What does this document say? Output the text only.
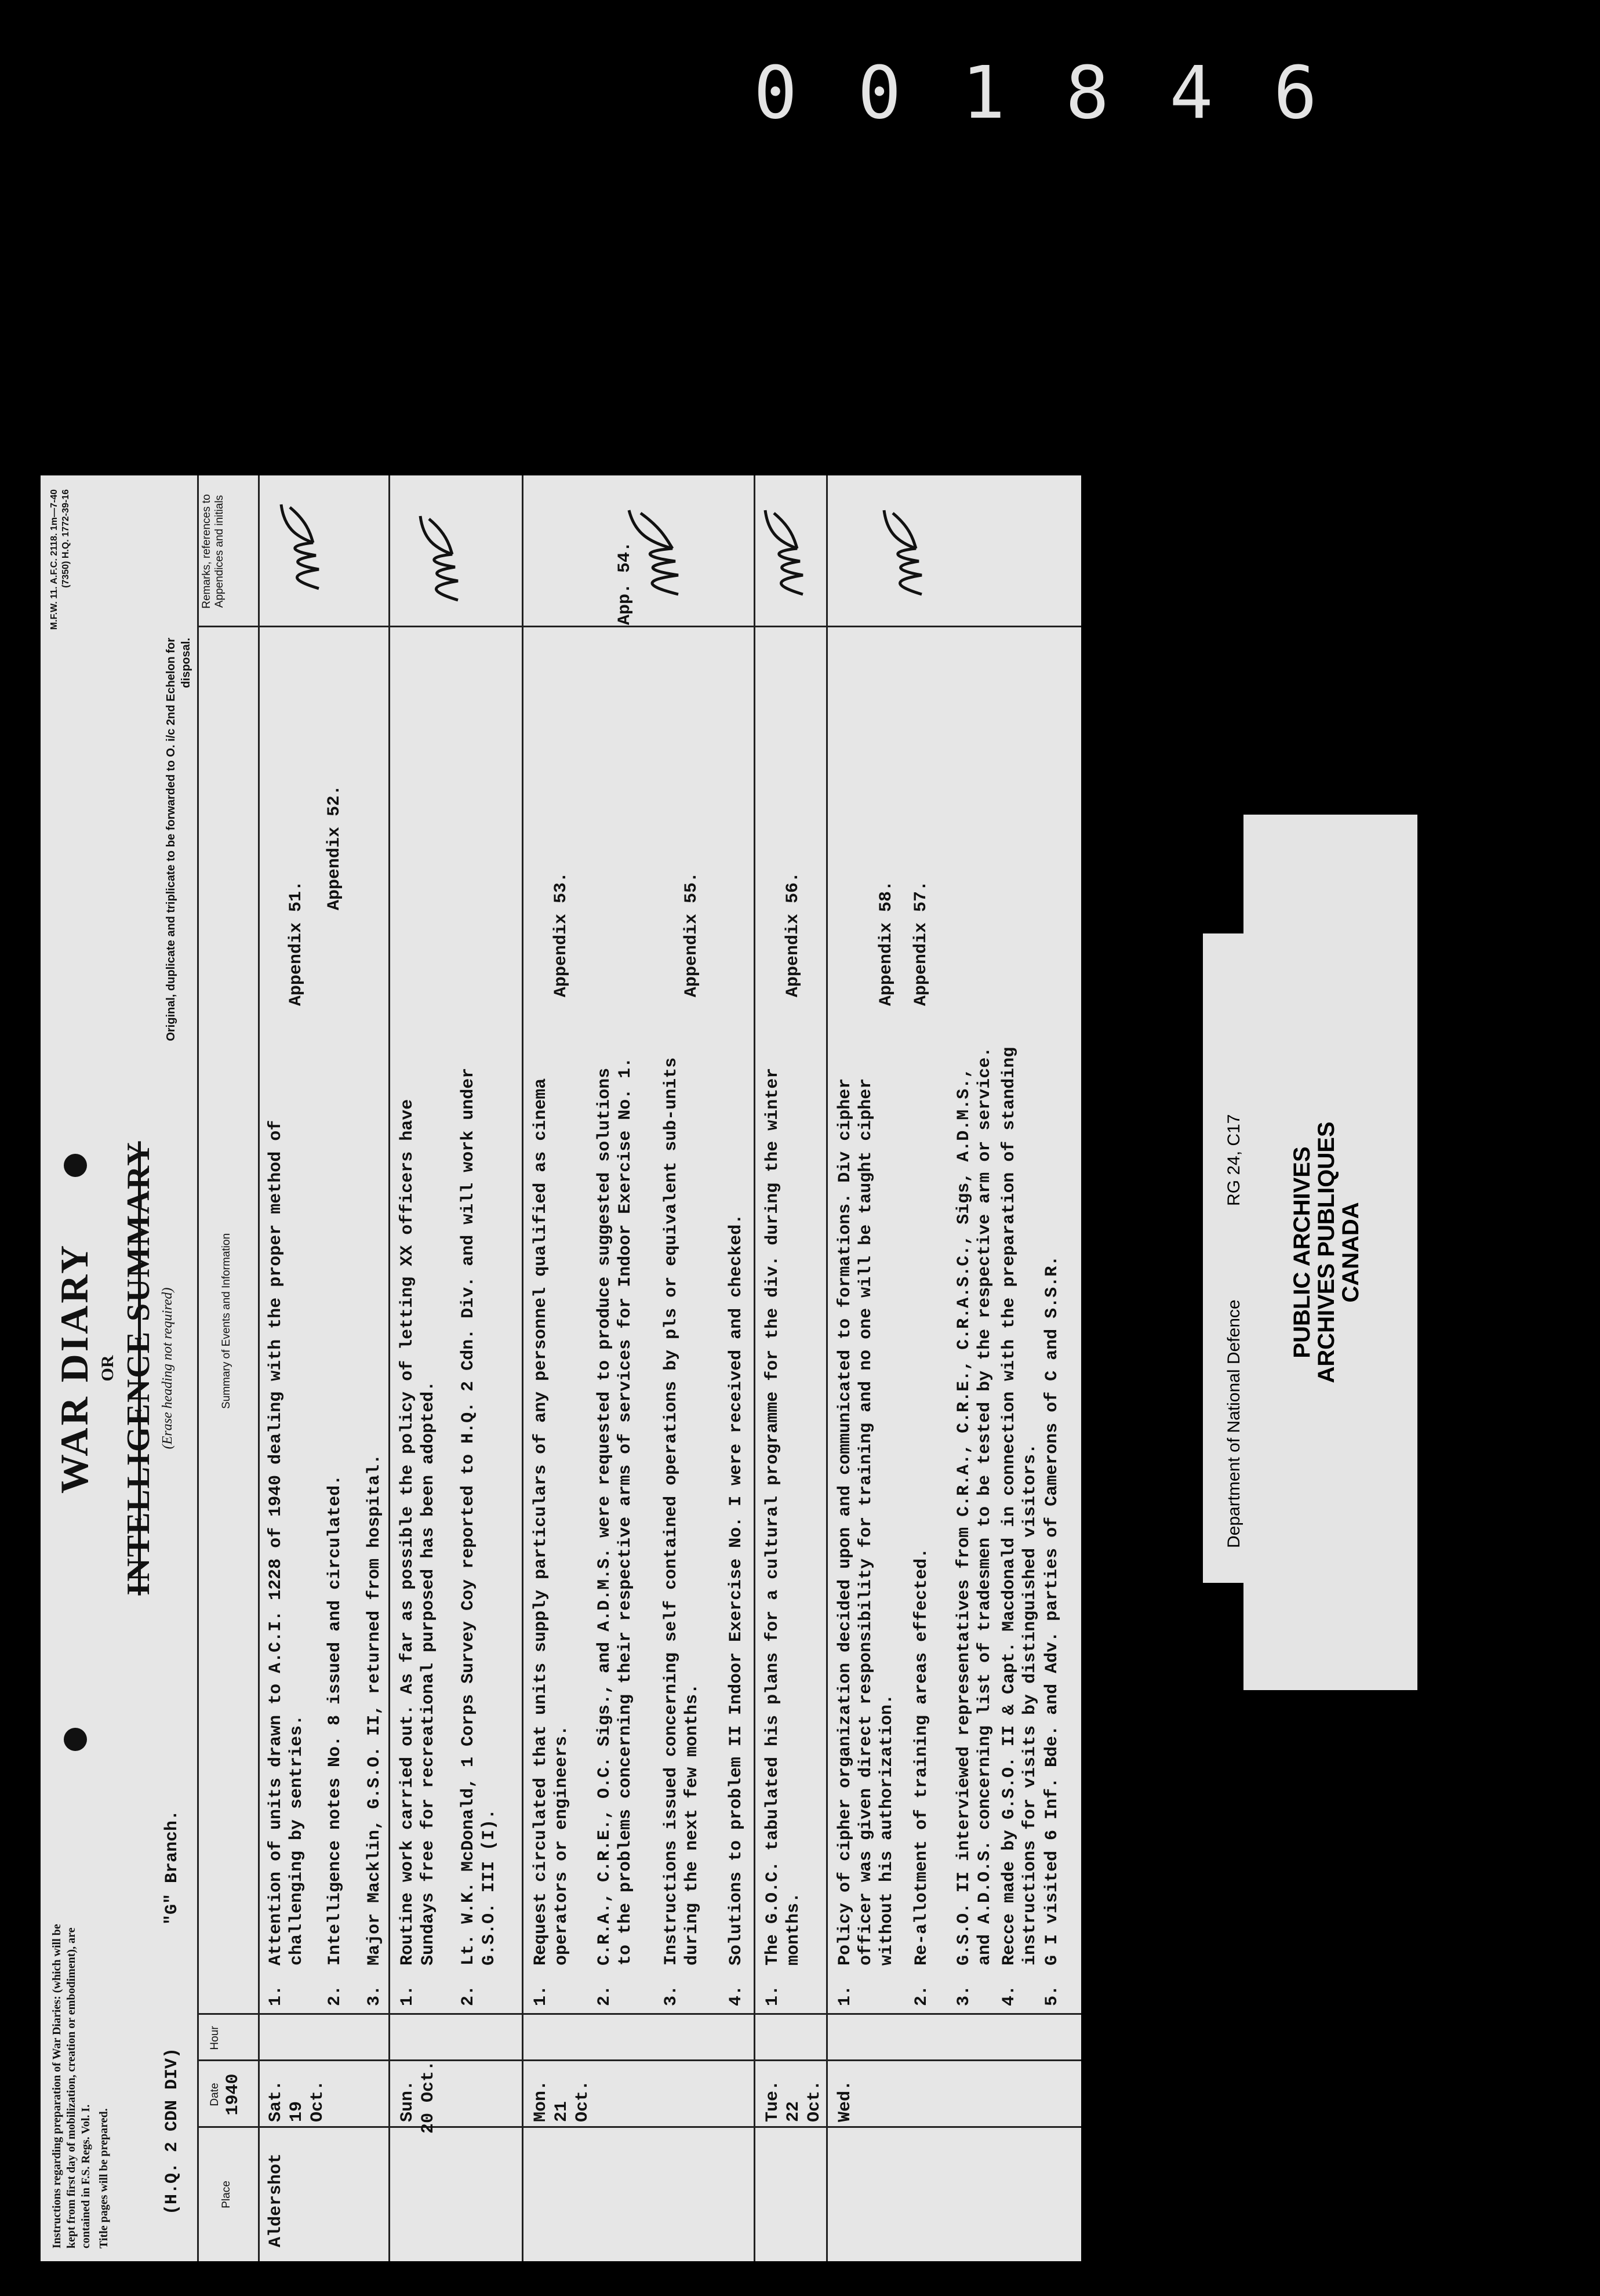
0 0 1 8 4 6
Instructions regarding preparation of War Diaries: (which will be kept from first day of mobilization, creation or embodiment), are contained in F.S. Regs. Vol. I. Title pages will be prepared.
WAR DIARY OR INTELLIGENCE SUMMARY (Erase heading not required)
M.F.W. 11. A.F.C. 2118. 1m—7-40 (7350) H.Q. 1772-39-16
(H.Q. 2 CDN DIV)
"G" Branch.
Original, duplicate and triplicate to be forwarded to O. i/c 2nd Echelon for disposal.
Place
Date 1940
Hour
Summary of Events and Information
Remarks, references to Appendices and initials
Aldershot
Sat. 19 Oct.
1.
Attention of units drawn to A.C.I. 1228 of 1940 dealing with the proper method of challenging by sentries.
Appendix 51.
2.
Intelligence notes No. 8 issued and circulated.
Appendix 52.
3.
Major Macklin, G.S.O. II, returned from hospital.
Sun. 20 Oct.
1.
Routine work carried out. As far as possible the policy of letting XX officers have Sundays free for recreational purposed has been adopted.
2.
Lt. W.K. McDonald, 1 Corps Survey Coy reported to H.Q. 2 Cdn. Div. and will work under G.S.O. III (I).
Mon. 21 Oct.
1.
Request circulated that units supply particulars of any personnel qualified as cinema operators or engineers.
Appendix 53.
2.
C.R.A., C.R.E., O.C. Sigs., and A.D.M.S. were requested to produce suggested solutions to the problems concerning their respective arms of services for Indoor Exercise No. 1.
App. 54.
3.
Instructions issued concerning self contained operations by pls or equivalent sub-units during the next few months.
Appendix 55.
4.
Solutions to problem II Indoor Exercise No. I were received and checked.
Tue. 22 Oct.
1.
The G.O.C. tabulated his plans for a cultural programme for the div. during the winter months.
Appendix 56.
Wed.
1.
Policy of cipher organization decided upon and communicated to formations. Div cipher officer was given direct responsibility for training and no one will be taught cipher without his authorization.
Appendix 58.
2.
Re-allotment of training areas effected.
Appendix 57.
3.
G.S.O. II interviewed representatives from C.R.A., C.R.E., C.R.A.S.C., Sigs, A.D.M.S., and A.D.O.S. concerning list of tradesmen to be tested by the respective arm or service.
4.
Recce made by G.S.O. II & Capt. Macdonald in connection with the preparation of standing instructions for visits by distinguished visitors.
5.
G I visited 6 Inf. Bde. and Adv. parties of Camerons of C and S.S.R.	Department of National Defence
RG 24, C17 PUBLIC ARCHIVES
ARCHIVES PUBLIQUES
CANADA
